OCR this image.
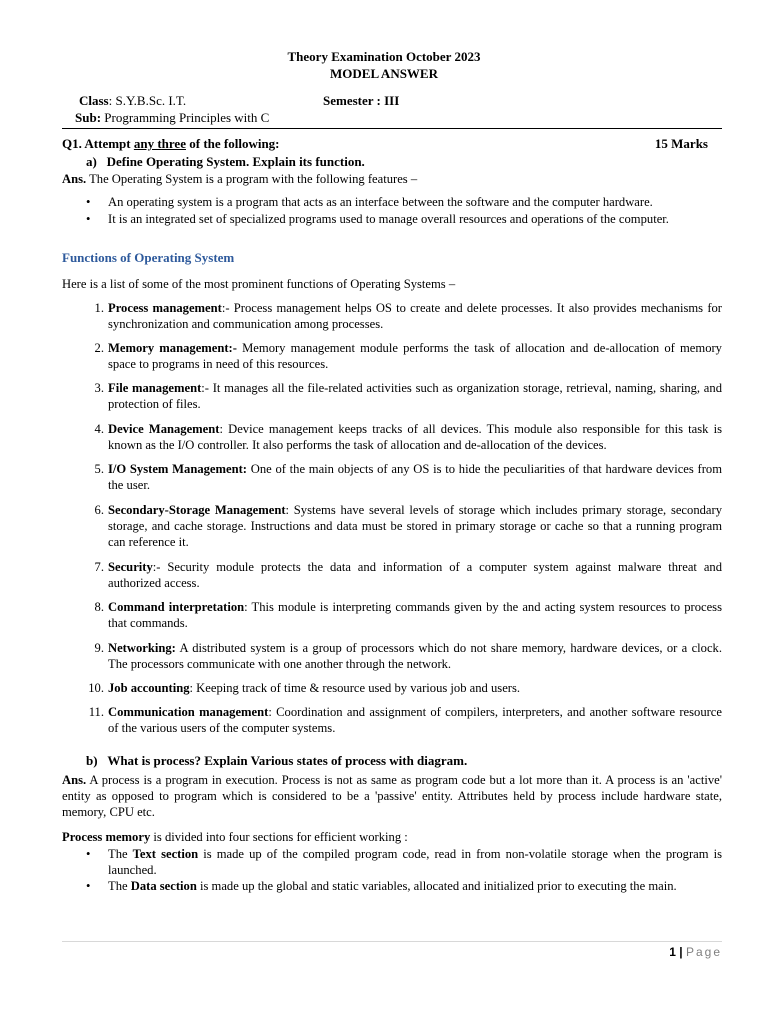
Theory Examination October 2023
MODEL ANSWER
Class: S.Y.B.Sc. I.T.	Semester : III
Sub: Programming Principles with C
Q1. Attempt any three of the following:	15 Marks
a) Define Operating System. Explain its function.
Ans. The Operating System is a program with the following features –
• An operating system is a program that acts as an interface between the software and the computer hardware.
• It is an integrated set of specialized programs used to manage overall resources and operations of the computer.
Functions of Operating System
Here is a list of some of the most prominent functions of Operating Systems –
1. Process management:- Process management helps OS to create and delete processes. It also provides mechanisms for synchronization and communication among processes.
2. Memory management:- Memory management module performs the task of allocation and de-allocation of memory space to programs in need of this resources.
3. File management:- It manages all the file-related activities such as organization storage, retrieval, naming, sharing, and protection of files.
4. Device Management: Device management keeps tracks of all devices. This module also responsible for this task is known as the I/O controller. It also performs the task of allocation and de-allocation of the devices.
5. I/O System Management: One of the main objects of any OS is to hide the peculiarities of that hardware devices from the user.
6. Secondary-Storage Management: Systems have several levels of storage which includes primary storage, secondary storage, and cache storage. Instructions and data must be stored in primary storage or cache so that a running program can reference it.
7. Security:- Security module protects the data and information of a computer system against malware threat and authorized access.
8. Command interpretation: This module is interpreting commands given by the and acting system resources to process that commands.
9. Networking: A distributed system is a group of processors which do not share memory, hardware devices, or a clock. The processors communicate with one another through the network.
10. Job accounting: Keeping track of time & resource used by various job and users.
11. Communication management: Coordination and assignment of compilers, interpreters, and another software resource of the various users of the computer systems.
b) What is process? Explain Various states of process with diagram.
Ans. A process is a program in execution. Process is not as same as program code but a lot more than it. A process is an 'active' entity as opposed to program which is considered to be a 'passive' entity. Attributes held by process include hardware state, memory, CPU etc.
Process memory is divided into four sections for efficient working :
• The Text section is made up of the compiled program code, read in from non-volatile storage when the program is launched.
• The Data section is made up the global and static variables, allocated and initialized prior to executing the main.
1 | Page
